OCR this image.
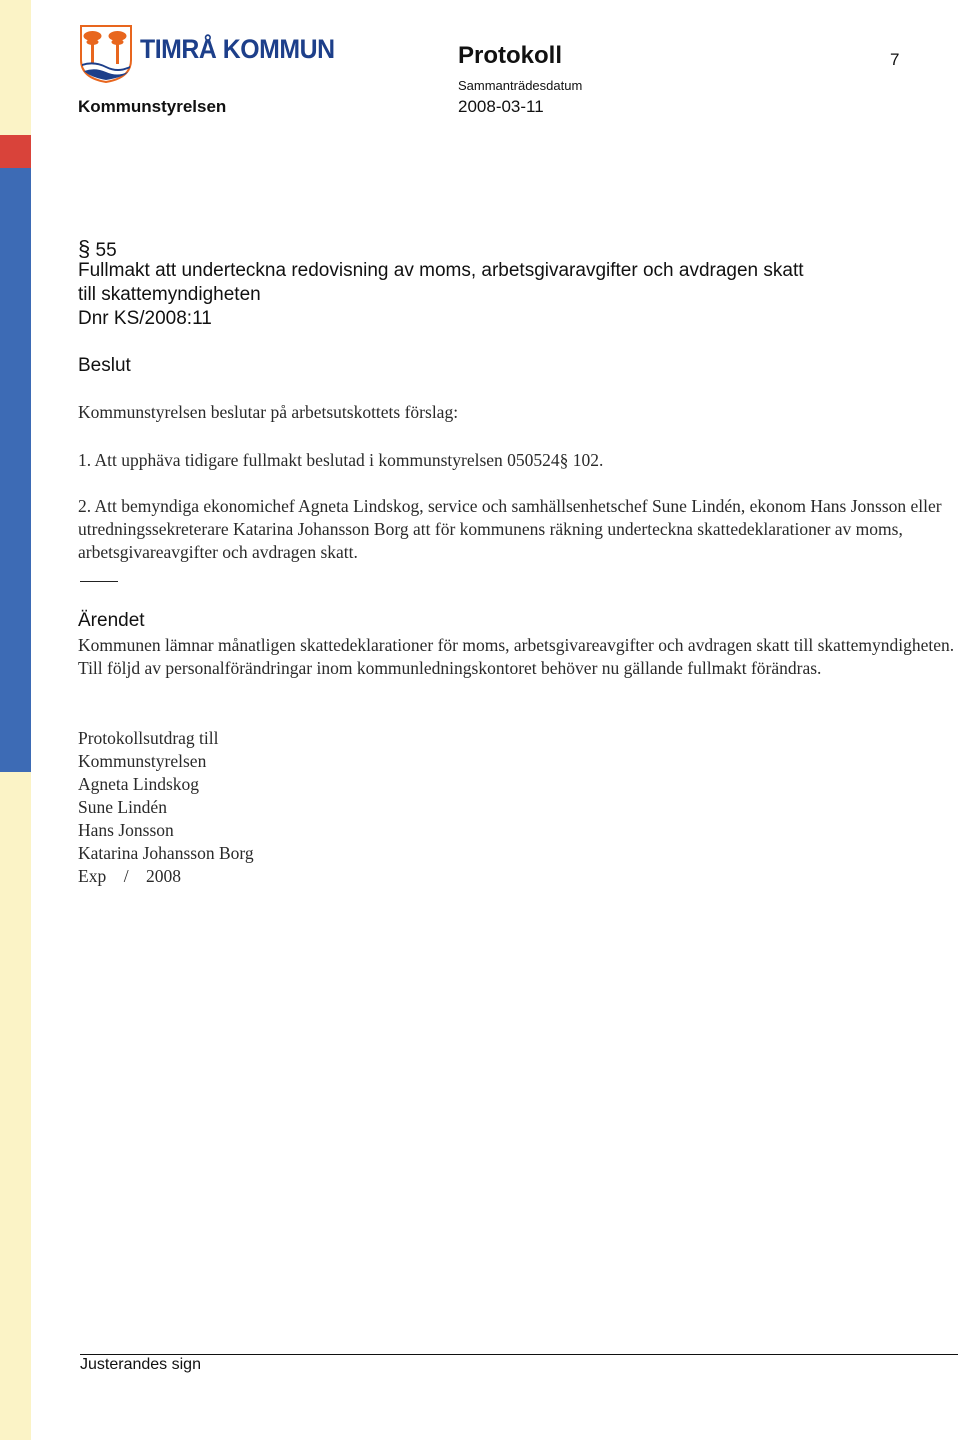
TIMRÅ KOMMUN
Kommunstyrelsen
Protokoll	7
Sammanträdesdatum
2008-03-11
§ 55
Fullmakt att underteckna redovisning av moms, arbetsgivaravgifter och avdragen skatt
till skattemyndigheten
Dnr KS/2008:11
Beslut
Kommunstyrelsen beslutar på arbetsutskottets förslag:
1. Att upphäva tidigare fullmakt beslutad i kommunstyrelsen 050524§ 102.
2. Att bemyndiga ekonomichef Agneta Lindskog, service och samhällsenhetschef Sune Lindén, ekonom Hans Jonsson eller utredningssekreterare Katarina Johansson Borg att för kommunens räkning underteckna skattedeklarationer av moms, arbetsgivareavgifter och avdragen skatt.
Ärendet
Kommunen lämnar månatligen skattedeklarationer för moms, arbetsgivareavgifter och avdragen skatt till skattemyndigheten. Till följd av personalförändringar inom kommunledningskontoret behöver nu gällande fullmakt förändras.
Protokollsutdrag till
Kommunstyrelsen
Agneta Lindskog
Sune Lindén
Hans Jonsson
Katarina Johansson Borg
Exp    /    2008
Justerandes sign
